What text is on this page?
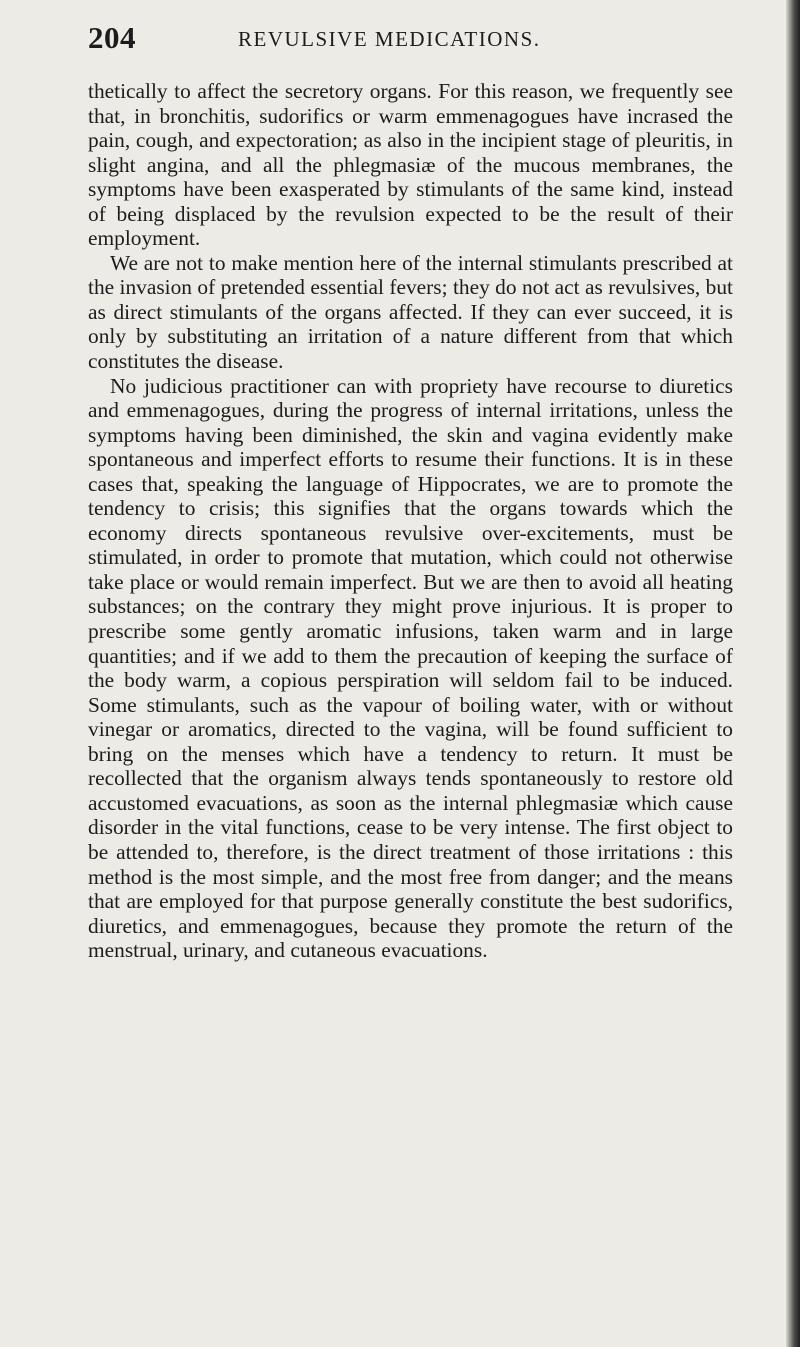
204	REVULSIVE MEDICATIONS.

thetically to affect the secretory organs. For this reason, we frequently see that, in bronchitis, sudorifics or warm emmenagogues have incrased the pain, cough, and expectoration; as also in the incipient stage of pleuritis, in slight angina, and all the phlegmasiæ of the mucous membranes, the symptoms have been exasperated by stimulants of the same kind, instead of being displaced by the revulsion expected to be the result of their employment.

We are not to make mention here of the internal stimulants prescribed at the invasion of pretended essential fevers; they do not act as revulsives, but as direct stimulants of the organs affected. If they can ever succeed, it is only by substituting an irritation of a nature different from that which constitutes the disease.

No judicious practitioner can with propriety have recourse to diuretics and emmenagogues, during the progress of internal irritations, unless the symptoms having been diminished, the skin and vagina evidently make spontaneous and imperfect efforts to resume their functions. It is in these cases that, speaking the language of Hippocrates, we are to promote the tendency to crisis; this signifies that the organs towards which the economy directs spontaneous revulsive over-excitements, must be stimulated, in order to promote that mutation, which could not otherwise take place or would remain imperfect. But we are then to avoid all heating substances; on the contrary they might prove injurious. It is proper to prescribe some gently aromatic infusions, taken warm and in large quantities; and if we add to them the precaution of keeping the surface of the body warm, a copious perspiration will seldom fail to be induced. Some stimulants, such as the vapour of boiling water, with or without vinegar or aromatics, directed to the vagina, will be found sufficient to bring on the menses which have a tendency to return. It must be recollected that the organism always tends spontaneously to restore old accustomed evacuations, as soon as the internal phlegmasiæ which cause disorder in the vital functions, cease to be very intense. The first object to be attended to, therefore, is the direct treatment of those irritations : this method is the most simple, and the most free from danger; and the means that are employed for that purpose generally constitute the best sudorifics, diuretics, and emmenagogues, because they promote the return of the menstrual, urinary, and cutaneous evacuations.
